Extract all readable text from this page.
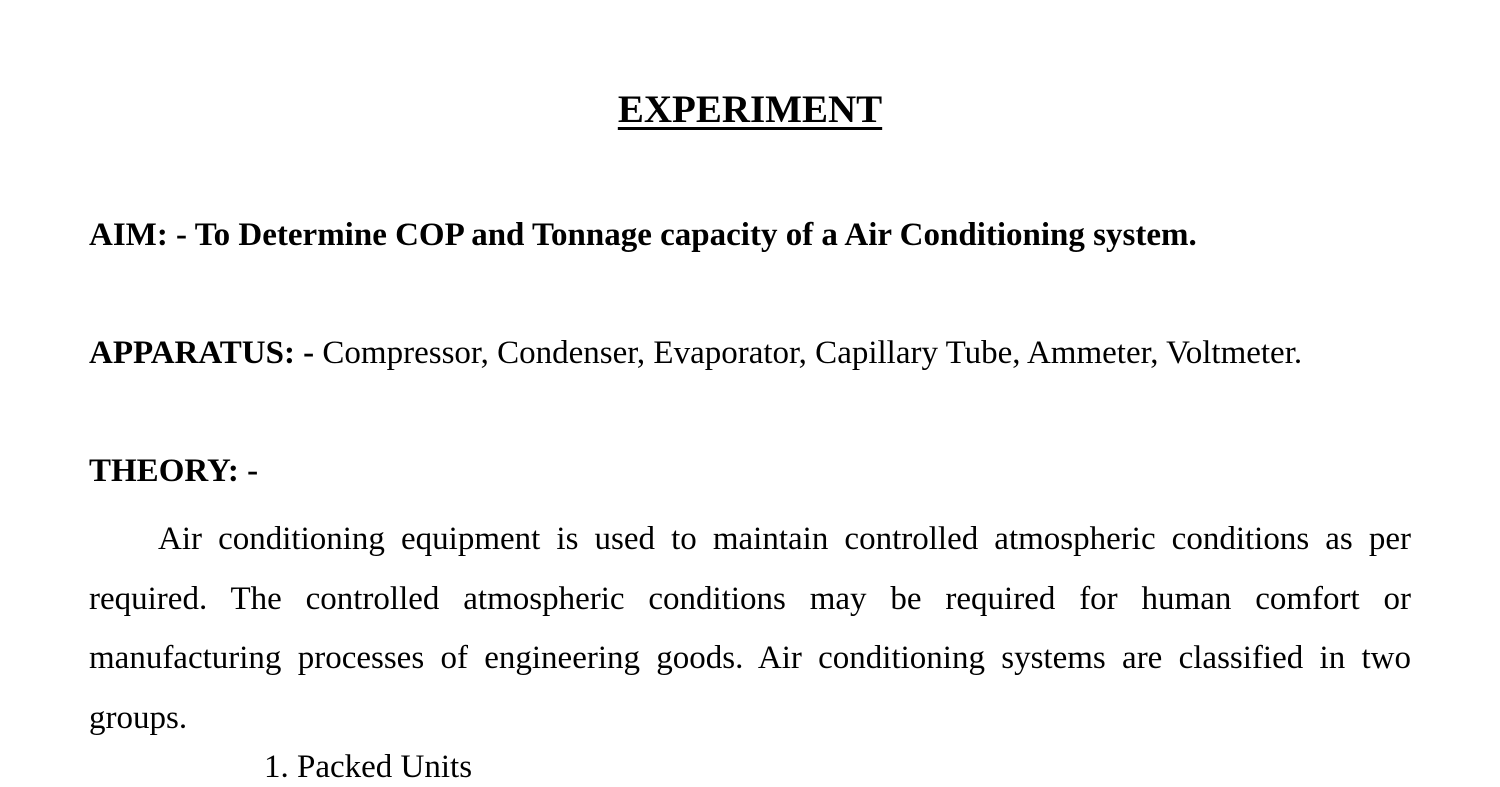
EXPERIMENT
AIM: - To Determine COP and Tonnage capacity of a Air Conditioning system.
APPARATUS: - Compressor, Condenser, Evaporator, Capillary Tube, Ammeter, Voltmeter.
THEORY: -
Air conditioning equipment is used to maintain controlled atmospheric conditions as per required. The controlled atmospheric conditions may be required for human comfort or manufacturing processes of engineering goods. Air conditioning systems are classified in two groups.
1. Packed Units
